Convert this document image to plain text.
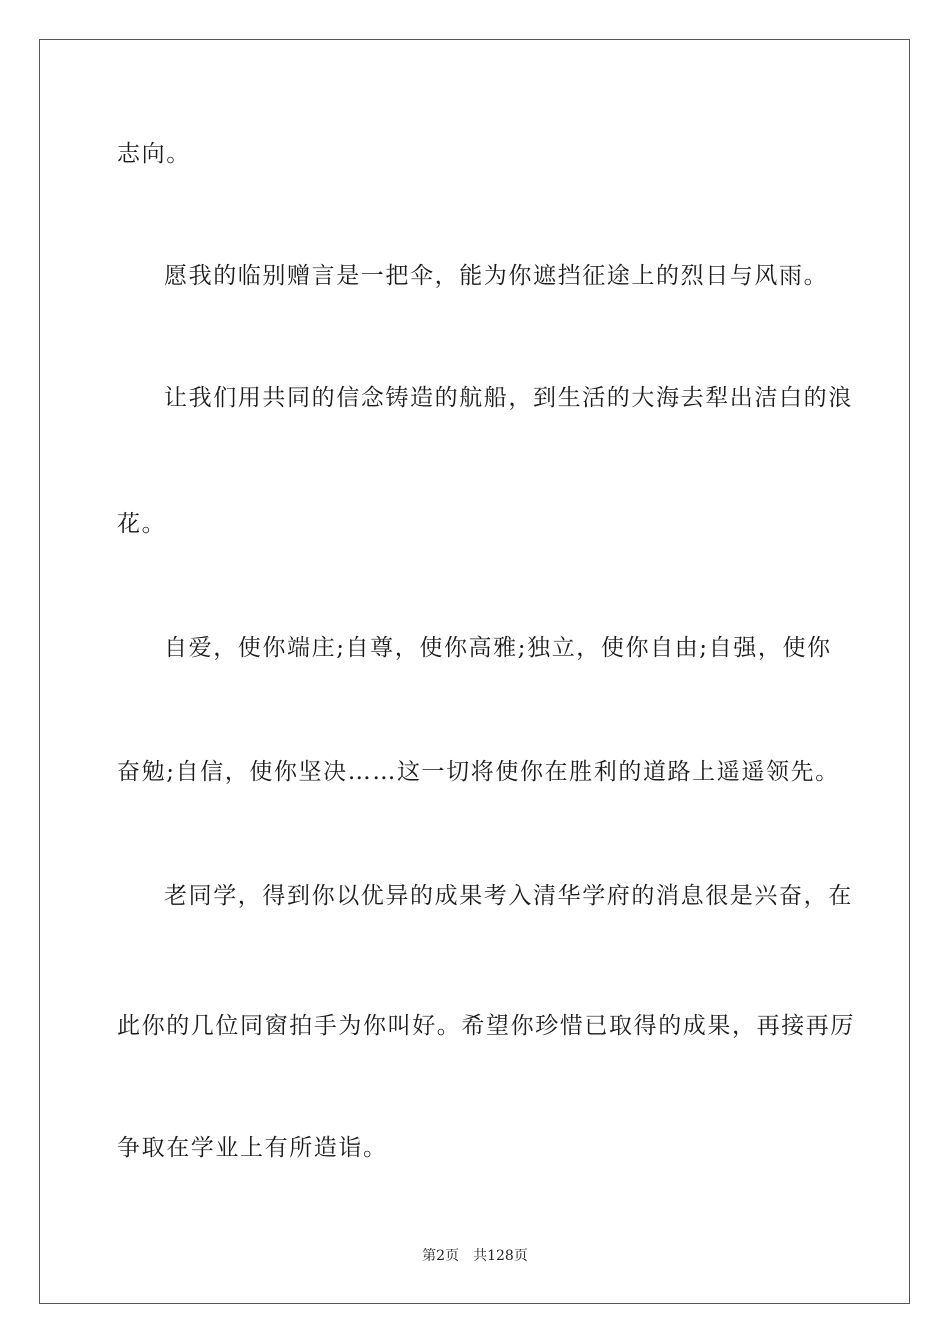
志向。
愿我的临别赠言是一把伞，能为你遮挡征途上的烈日与风雨。
让我们用共同的信念铸造的航船，到生活的大海去犁出洁白的浪
花。
自爱，使你端庄;自尊，使你高雅;独立，使你自由;自强，使你
奋勉;自信，使你坚决……这一切将使你在胜利的道路上遥遥领先。
老同学，得到你以优异的成果考入清华学府的消息很是兴奋，在
此你的几位同窗拍手为你叫好。希望你珍惜已取得的成果，再接再厉
争取在学业上有所造诣。
第2页 共128页
